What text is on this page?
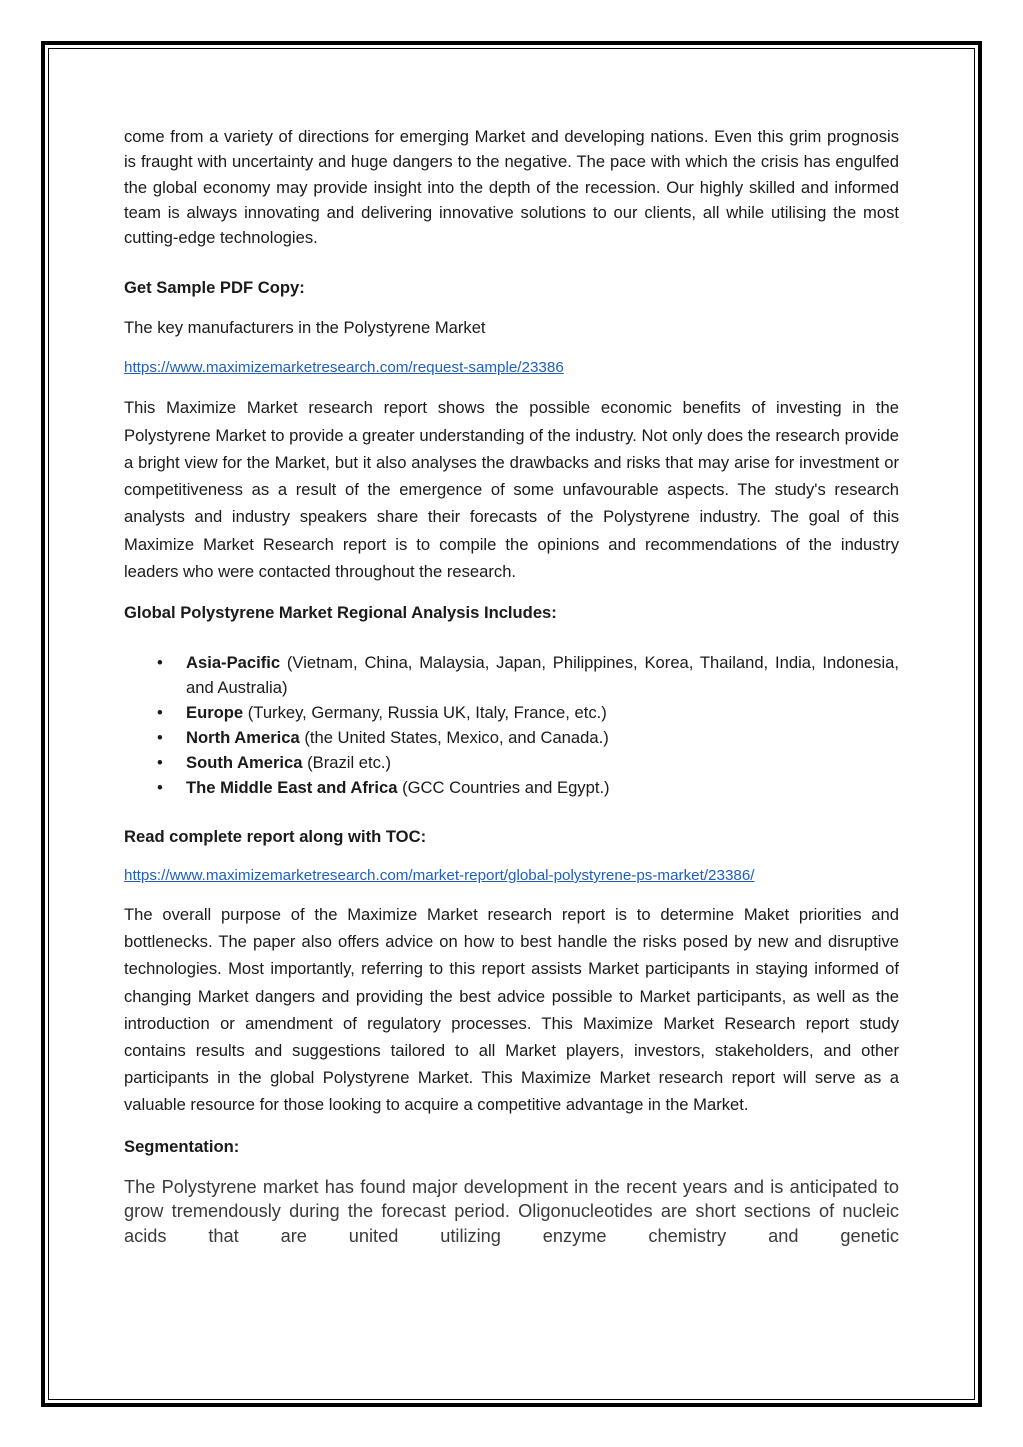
come from a variety of directions for emerging Market and developing nations. Even this grim prognosis is fraught with uncertainty and huge dangers to the negative. The pace with which the crisis has engulfed the global economy may provide insight into the depth of the recession. Our highly skilled and informed team is always innovating and delivering innovative solutions to our clients, all while utilising the most cutting-edge technologies.

Get Sample PDF Copy:

The key manufacturers in the Polystyrene Market

https://www.maximizemarketresearch.com/request-sample/23386

This Maximize Market research report shows the possible economic benefits of investing in the Polystyrene Market to provide a greater understanding of the industry. Not only does the research provide a bright view for the Market, but it also analyses the drawbacks and risks that may arise for investment or competitiveness as a result of the emergence of some unfavourable aspects. The study's research analysts and industry speakers share their forecasts of the Polystyrene industry. The goal of this Maximize Market Research report is to compile the opinions and recommendations of the industry leaders who were contacted throughout the research.

Global Polystyrene Market Regional Analysis Includes:

• Asia-Pacific (Vietnam, China, Malaysia, Japan, Philippines, Korea, Thailand, India, Indonesia, and Australia)
• Europe (Turkey, Germany, Russia UK, Italy, France, etc.)
• North America (the United States, Mexico, and Canada.)
• South America (Brazil etc.)
• The Middle East and Africa (GCC Countries and Egypt.)

Read complete report along with TOC:

https://www.maximizemarketresearch.com/market-report/global-polystyrene-ps-market/23386/

The overall purpose of the Maximize Market research report is to determine Maket priorities and bottlenecks. The paper also offers advice on how to best handle the risks posed by new and disruptive technologies. Most importantly, referring to this report assists Market participants in staying informed of changing Market dangers and providing the best advice possible to Market participants, as well as the introduction or amendment of regulatory processes. This Maximize Market Research report study contains results and suggestions tailored to all Market players, investors, stakeholders, and other participants in the global Polystyrene Market. This Maximize Market research report will serve as a valuable resource for those looking to acquire a competitive advantage in the Market.

Segmentation:

The Polystyrene market has found major development in the recent years and is anticipated to grow tremendously during the forecast period. Oligonucleotides are short sections of nucleic acids that are united utilizing enzyme chemistry and genetic
